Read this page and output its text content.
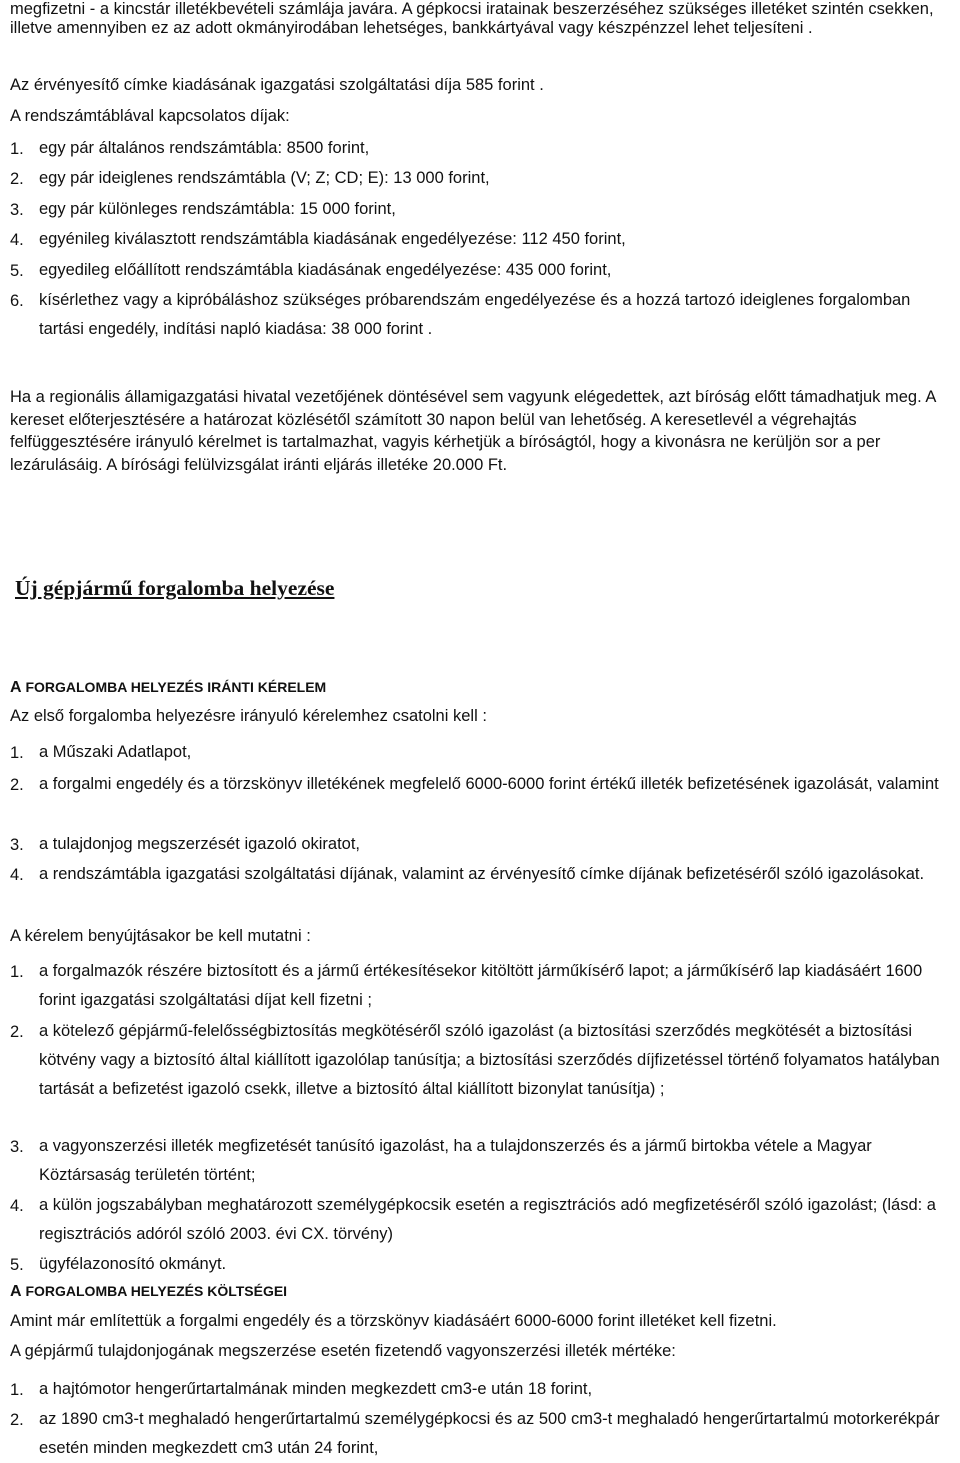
megfizetni - a kincstár illetékbevételi számlája javára. A gépkocsi iratainak beszerzéséhez szükséges illetéket szintén csekken, illetve amennyiben ez az adott okmányirodában lehetséges, bankkártyával vagy készpénzzel lehet teljesíteni .

Az érvényesítő címke kiadásának igazgatási szolgáltatási díja 585 forint .

A rendszámtáblával kapcsolatos díjak:

1. egy pár általános rendszámtábla: 8500 forint,
2. egy pár ideiglenes rendszámtábla (V; Z; CD; E): 13 000 forint,
3. egy pár különleges rendszámtábla: 15 000 forint,
4. egyénileg kiválasztott rendszámtábla kiadásának engedélyezése: 112 450 forint,
5. egyedileg előállított rendszámtábla kiadásának engedélyezése: 435 000 forint,
6. kísérlethez vagy a kipróbáláshoz szükséges próbarendszám engedélyezése és a hozzá tartozó ideiglenes forgalomban tartási engedély, indítási napló kiadása: 38 000 forint .

Ha a regionális államigazgatási hivatal vezetőjének döntésével sem vagyunk elégedettek, azt bíróság előtt támadhatjuk meg. A kereset előterjesztésére a határozat közlésétől számított 30 napon belül van lehetőség. A keresetlevél a végrehajtás felfüggesztésére irányuló kérelmet is tartalmazhat, vagyis kérhetjük a bíróságtól, hogy a kivonásra ne kerüljön sor a per lezárulásáig. A bírósági felülvizsgálat iránti eljárás illetéke 20.000 Ft.

Új gépjármű forgalomba helyezése
A FORGALOMBA HELYEZÉS IRÁNTI KÉRELEM

Az első forgalomba helyezésre irányuló kérelemhez csatolni kell :

1. a Műszaki Adatlapot,
2. a forgalmi engedély és a törzskönyv illetékének megfelelő 6000-6000 forint értékű illeték befizetésének igazolását, valamint
3. a tulajdonjog megszerzését igazoló okiratot,
4. a rendszámtábla igazgatási szolgáltatási díjának, valamint az érvényesítő címke díjának befizetéséről szóló igazolásokat.

A kérelem benyújtásakor be kell mutatni :

1. a forgalmazók részére biztosított és a jármű értékesítésekor kitöltött járműkísérő lapot; a járműkísérő lap kiadásáért 1600 forint igazgatási szolgáltatási díjat kell fizetni ;
2. a kötelező gépjármű-felelősségbiztosítás megkötéséről szóló igazolást (a biztosítási szerződés megkötését a biztosítási kötvény vagy a biztosító által kiállított igazolólap tanúsítja; a biztosítási szerződés díjfizetéssel történő folyamatos hatályban tartását a befizetést igazoló csekk, illetve a biztosító által kiállított bizonylat tanúsítja) ;
3. a vagyonszerzési illeték megfizetését tanúsító igazolást, ha a tulajdonszerzés és a jármű birtokba vétele a Magyar Köztársaság területén történt;
4. a külön jogszabályban meghatározott személygépkocsik esetén a regisztrációs adó megfizetéséről szóló igazolást; (lásd: a regisztrációs adóról szóló 2003. évi CX. törvény)
5. ügyfélazonosító okmányt.
A FORGALOMBA HELYEZÉS KÖLTSÉGEI

Amint már említettük a forgalmi engedély és a törzskönyv kiadásáért 6000-6000 forint illetéket kell fizetni.

A gépjármű tulajdonjogának megszerzése esetén fizetendő vagyonszerzési illeték mértéke:

1. a hajtómotor hengerűrtartalmának minden megkezdett cm3-e után 18 forint,
2. az 1890 cm3-t meghaladó hengerűrtartalmú személygépkocsi és az 500 cm3-t meghaladó hengerűrtartalmú motorkerékpár esetén minden megkezdett cm3 után 24 forint,
